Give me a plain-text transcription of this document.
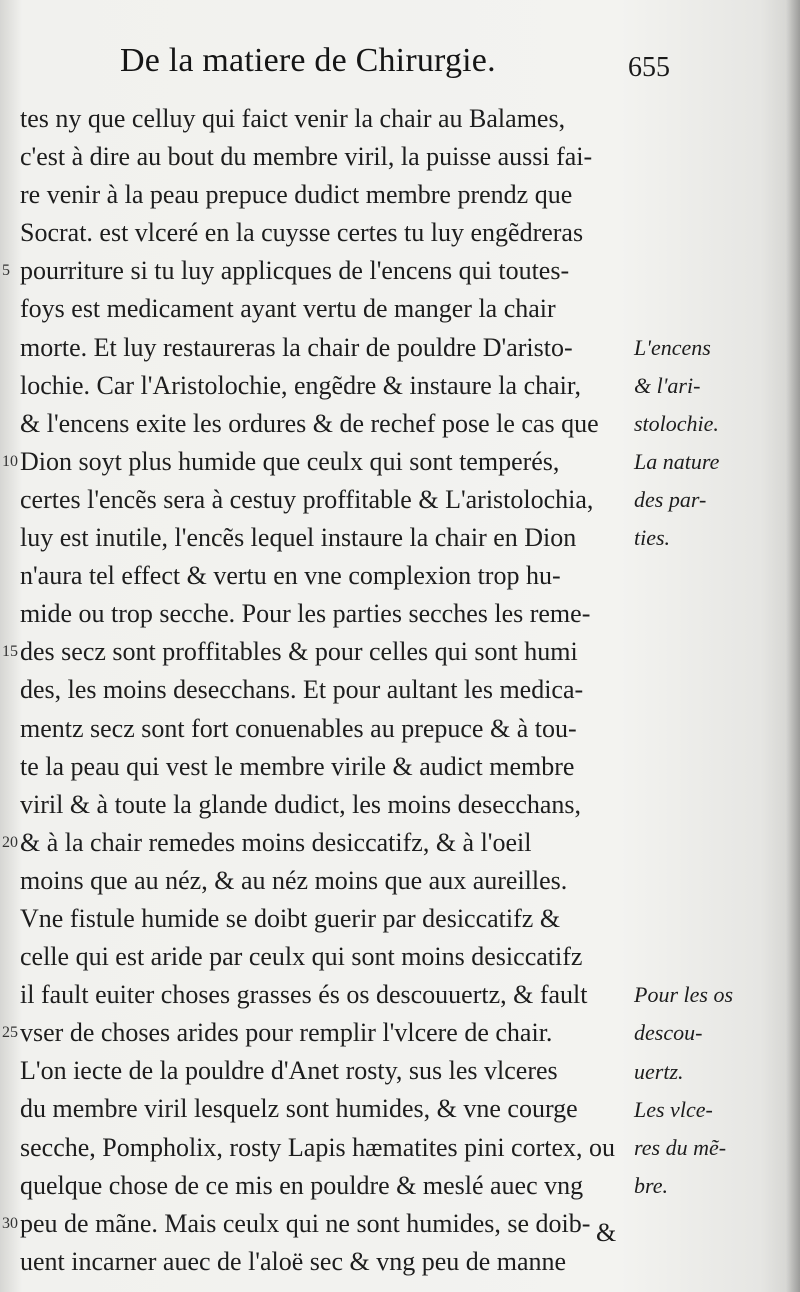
De la matiere de Chirurgie.	655
tes ny que celluy qui faict venir la chair au Balames,
c'est à dire au bout du membre viril, la puisse aussi fai-
re venir à la peau prepuce dudict membre prendz que
Socrat. est vlceré en la cuysse certes tu luy engẽdreras
pourriture si tu luy applicques de l'encens qui toutes-
5
foys est medicament ayant vertu de manger la chair
morte. Et luy restaureras la chair de pouldre D'aristo-
lochie. Car l'Aristolochie, engẽdre & instaure la chair,
& l'encens exite les ordures & de rechef pose le cas que
Dion soyt plus humide que ceulx qui sont temperés,
10
certes l'encẽs sera à cestuy proffitable & L'aristolochia,
luy est inutile, l'encẽs lequel instaure la chair en Dion
n'aura tel effect & vertu en vne complexion trop hu-
mide ou trop secche. Pour les parties secches les reme-
des secz sont proffitables & pour celles qui sont humi
15
des, les moins desecchans. Et pour aultant les medica-
mentz secz sont fort conuenables au prepuce & à tou-
te la peau qui vest le membre virile & audict membre
viril & à toute la glande dudict, les moins desecchans,
& à la chair remedes moins desiccatifz, & à l'oeil
20
moins que au néz, & au néz moins que aux aureilles.
Vne fistule humide se doibt guerir par desiccatifz &
celle qui est aride par ceulx qui sont moins desiccatifz
il fault euiter choses grasses és os descouuertz, & fault
vser de choses arides pour remplir l'vlcere de chair.
25
L'on iecte de la pouldre d'Anet rosty, sus les vlceres
du membre viril lesquelz sont humides, & vne courge
secche, Pompholix, rosty Lapis hæmatites pini cortex, ou
quelque chose de ce mis en pouldre & meslé auec vng
peu de mãne. Mais ceulx qui ne sont humides, se doib-
30
uent incarner auec de l'aloë sec & vng peu de manne
L'encens
& l'ari-
stolochie.
La nature
des par-
ties.
Pour les os
descou-
uertz.
Les vlce-
res du mẽ-
bre.
&
